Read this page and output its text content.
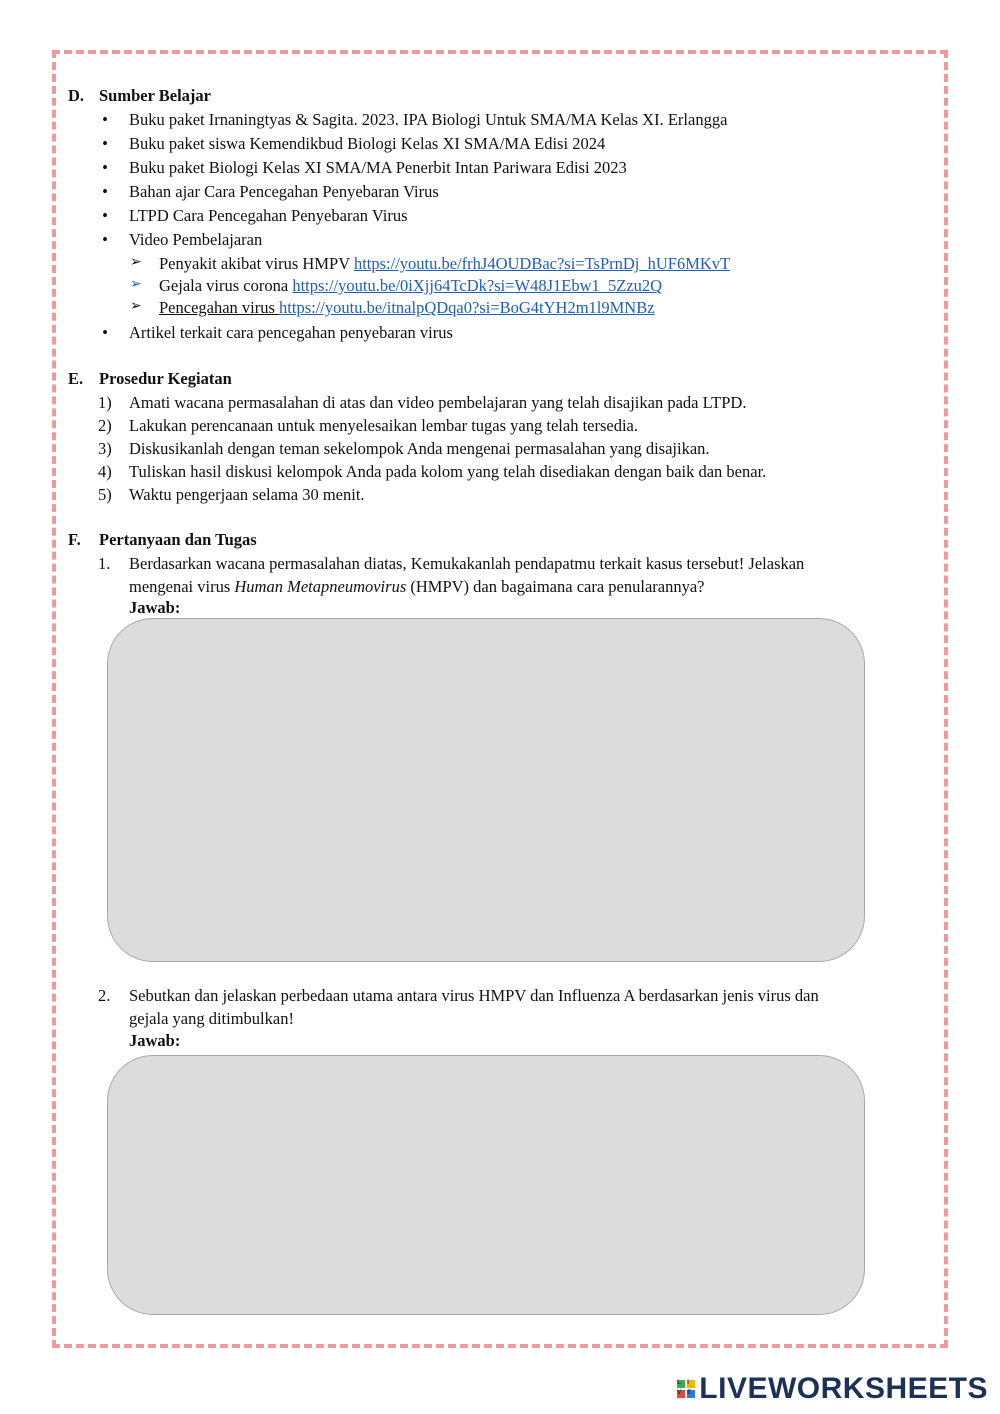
D. Sumber Belajar
• Buku paket Irnaningtyas & Sagita. 2023. IPA Biologi Untuk SMA/MA Kelas XI. Erlangga
• Buku paket siswa Kemendikbud Biologi Kelas XI SMA/MA Edisi 2024
• Buku paket Biologi Kelas XI SMA/MA Penerbit Intan Pariwara Edisi 2023
• Bahan ajar Cara Pencegahan Penyebaran Virus
• LTPD Cara Pencegahan Penyebaran Virus
• Video Pembelajaran
➢ Penyakit akibat virus HMPV https://youtu.be/frhJ4OUDBac?si=TsPrnDj_hUF6MKvT
➢ Gejala virus corona https://youtu.be/0iXjj64TcDk?si=W48J1Ebw1_5Zzu2Q
➢ Pencegahan virus https://youtu.be/itnalpQDqa0?si=BoG4tYH2m1l9MNBz
• Artikel terkait cara pencegahan penyebaran virus
E. Prosedur Kegiatan
1) Amati wacana permasalahan di atas dan video pembelajaran yang telah disajikan pada LTPD.
2) Lakukan perencanaan untuk menyelesaikan lembar tugas yang telah tersedia.
3) Diskusikanlah dengan teman sekelompok Anda mengenai permasalahan yang disajikan.
4) Tuliskan hasil diskusi kelompok Anda pada kolom yang telah disediakan dengan baik dan benar.
5) Waktu pengerjaan selama 30 menit.
F. Pertanyaan dan Tugas
1. Berdasarkan wacana permasalahan diatas, Kemukakanlah pendapatmu terkait kasus tersebut! Jelaskan
mengenai virus Human Metapneumovirus (HMPV) dan bagaimana cara penularannya?
Jawab:
2. Sebutkan dan jelaskan perbedaan utama antara virus HMPV dan Influenza A berdasarkan jenis virus dan
gejala yang ditimbulkan!
Jawab:
L I
V E LIVEWORKSHEETS
